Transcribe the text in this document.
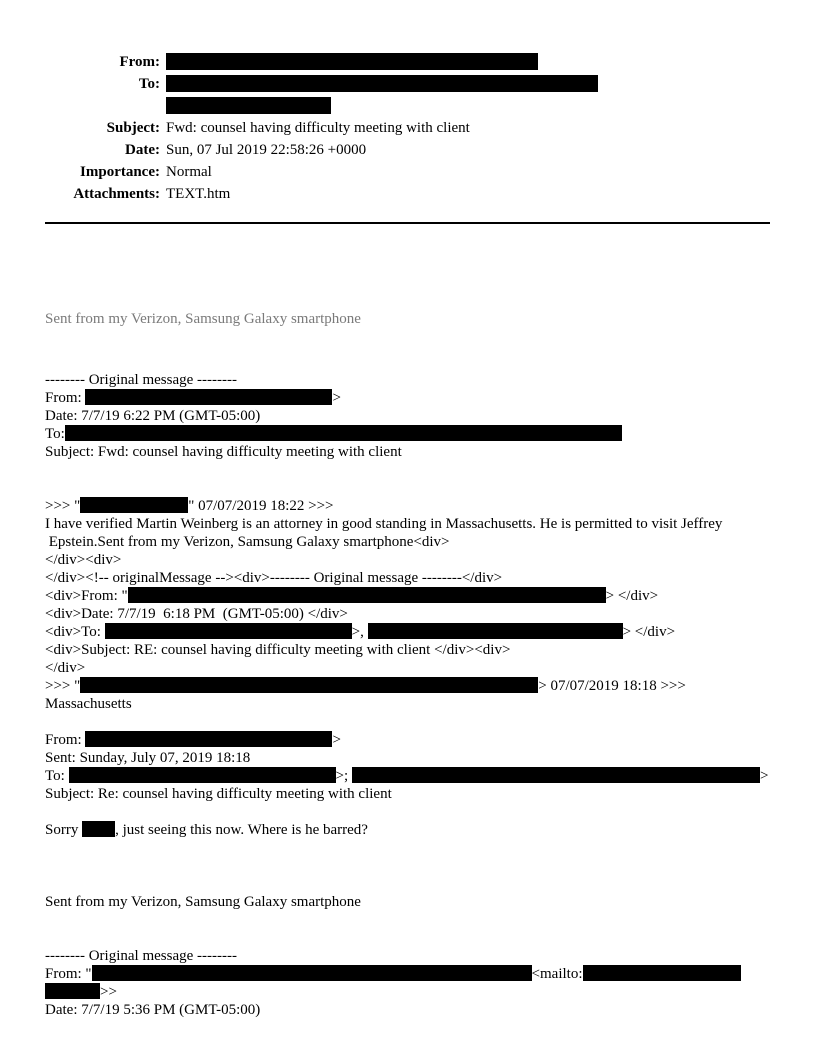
From:
To:
Subject: Fwd: counsel having difficulty meeting with client
Date: Sun, 07 Jul 2019 22:58:26 +0000
Importance: Normal
Attachments: TEXT.htm
Sent from my Verizon, Samsung Galaxy smartphone
-------- Original message --------
From:	>
Date: 7/7/19 6:22 PM (GMT-05:00)
To:
Subject: Fwd: counsel having difficulty meeting with client
>>> "	" 07/07/2019 18:22 >>>
I have verified Martin Weinberg is an attorney in good standing in Massachusetts. He is permitted to visit Jeffrey
Epstein.Sent from my Verizon, Samsung Galaxy smartphone<div>
</div><div>
</div><!-- originalMessage --><div>-------- Original message --------</div>
<div>From: "	> </div>
<div>Date: 7/7/19  6:18 PM  (GMT-05:00) </div>
<div>To:	>,	> </div>
<div>Subject: RE: counsel having difficulty meeting with client </div><div>
</div>
>>> "	> 07/07/2019 18:18 >>>
Massachusetts
From:	>
Sent: Sunday, July 07, 2019 18:18
To:	>;	>
Subject: Re: counsel having difficulty meeting with client
Sorry , just seeing this now. Where is he barred?
Sent from my Verizon, Samsung Galaxy smartphone
-------- Original message --------
From: "	<mailto:
>>
Date: 7/7/19 5:36 PM (GMT-05:00)
